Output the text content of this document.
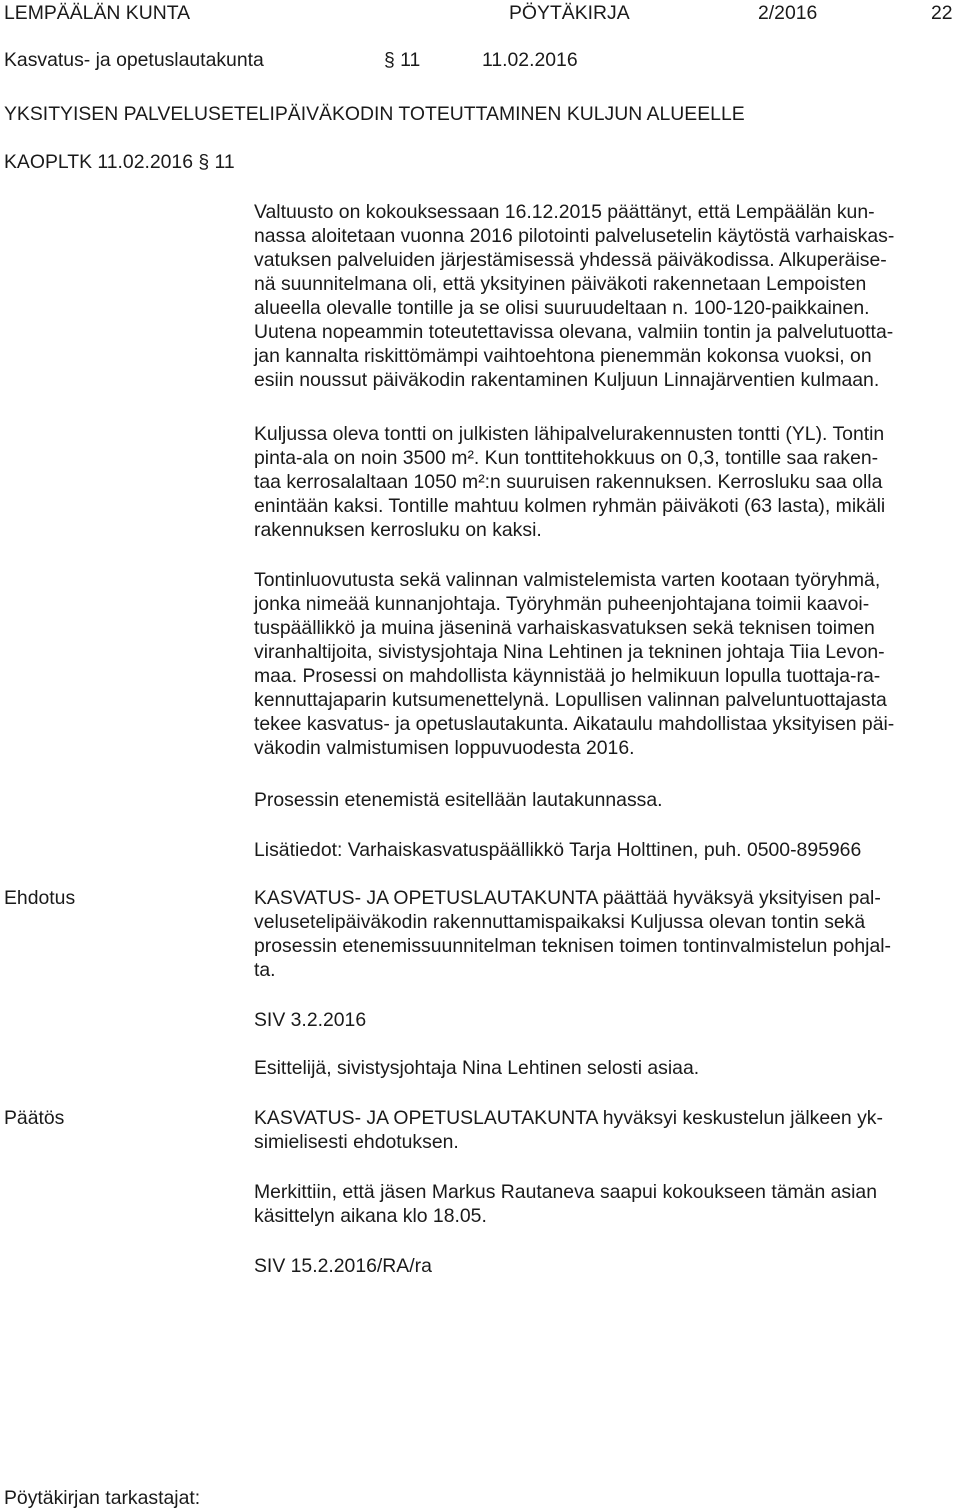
LEMPÄÄLÄN KUNTA	PÖYTÄKIRJA	2/2016	22
Kasvatus- ja opetuslautakunta	§ 11	11.02.2016
YKSITYISEN PALVELUSETELIPÄIVÄKODIN TOTEUTTAMINEN KULJUN ALUEELLE
KAOPLTK 11.02.2016 § 11
Valtuusto on kokouksessaan 16.12.2015 päättänyt, että Lempäälän kun-
nassa aloitetaan vuonna 2016 pilotointi palvelusetelin käytöstä varhaiskas-
vatuksen palveluiden järjestämisessä yhdessä päiväkodissa. Alkuperäise-
nä suunnitelmana oli, että yksityinen päiväkoti rakennetaan Lempoisten
alueella olevalle tontille ja se olisi suuruudeltaan n. 100-120-paikkainen.
Uutena nopeammin toteutettavissa olevana, valmiin tontin ja palvelutuotta-
jan kannalta riskittömämpi vaihtoehtona pienemmän kokonsa vuoksi, on
esiin noussut päiväkodin rakentaminen Kuljuun Linnajärventien kulmaan.
Kuljussa oleva tontti on julkisten lähipalvelurakennusten tontti (YL). Tontin
pinta-ala on noin 3500 m². Kun tonttitehokkuus on 0,3, tontille saa raken-
taa kerrosalaltaan 1050 m²:n suuruisen rakennuksen. Kerrosluku saa olla
enintään kaksi. Tontille mahtuu kolmen ryhmän päiväkoti (63 lasta), mikäli
rakennuksen kerrosluku on kaksi.
Tontinluovutusta sekä valinnan valmistelemista varten kootaan työryhmä,
jonka nimeää kunnanjohtaja. Työryhmän puheenjohtajana toimii kaavoi-
tuspäällikkö ja muina jäseninä varhaiskasvatuksen sekä teknisen toimen
viranhaltijoita, sivistysjohtaja Nina Lehtinen ja tekninen johtaja Tiia Levon-
maa. Prosessi on mahdollista käynnistää jo helmikuun lopulla tuottaja-ra-
kennuttajaparin kutsumenettelynä. Lopullisen valinnan palveluntuottajasta
tekee kasvatus- ja opetuslautakunta. Aikataulu mahdollistaa yksityisen päi-
väkodin valmistumisen loppuvuodesta 2016.
Prosessin etenemistä esitellään lautakunnassa.
Lisätiedot: Varhaiskasvatuspäällikkö Tarja Holttinen, puh. 0500-895966
Ehdotus	KASVATUS- JA OPETUSLAUTAKUNTA päättää hyväksyä yksityisen pal-
velusetelipäiväkodin rakennuttamispaikaksi Kuljussa olevan tontin sekä
prosessin etenemissuunnitelman teknisen toimen tontinvalmistelun pohjal-
ta.
SIV 3.2.2016
Esittelijä, sivistysjohtaja Nina Lehtinen selosti asiaa.
Päätös	KASVATUS- JA OPETUSLAUTAKUNTA hyväksyi keskustelun jälkeen yk-
simielisesti ehdotuksen.
Merkittiin, että jäsen Markus Rautaneva saapui kokoukseen tämän asian
käsittelyn aikana klo 18.05.
SIV 15.2.2016/RA/ra
Pöytäkirjan tarkastajat:
